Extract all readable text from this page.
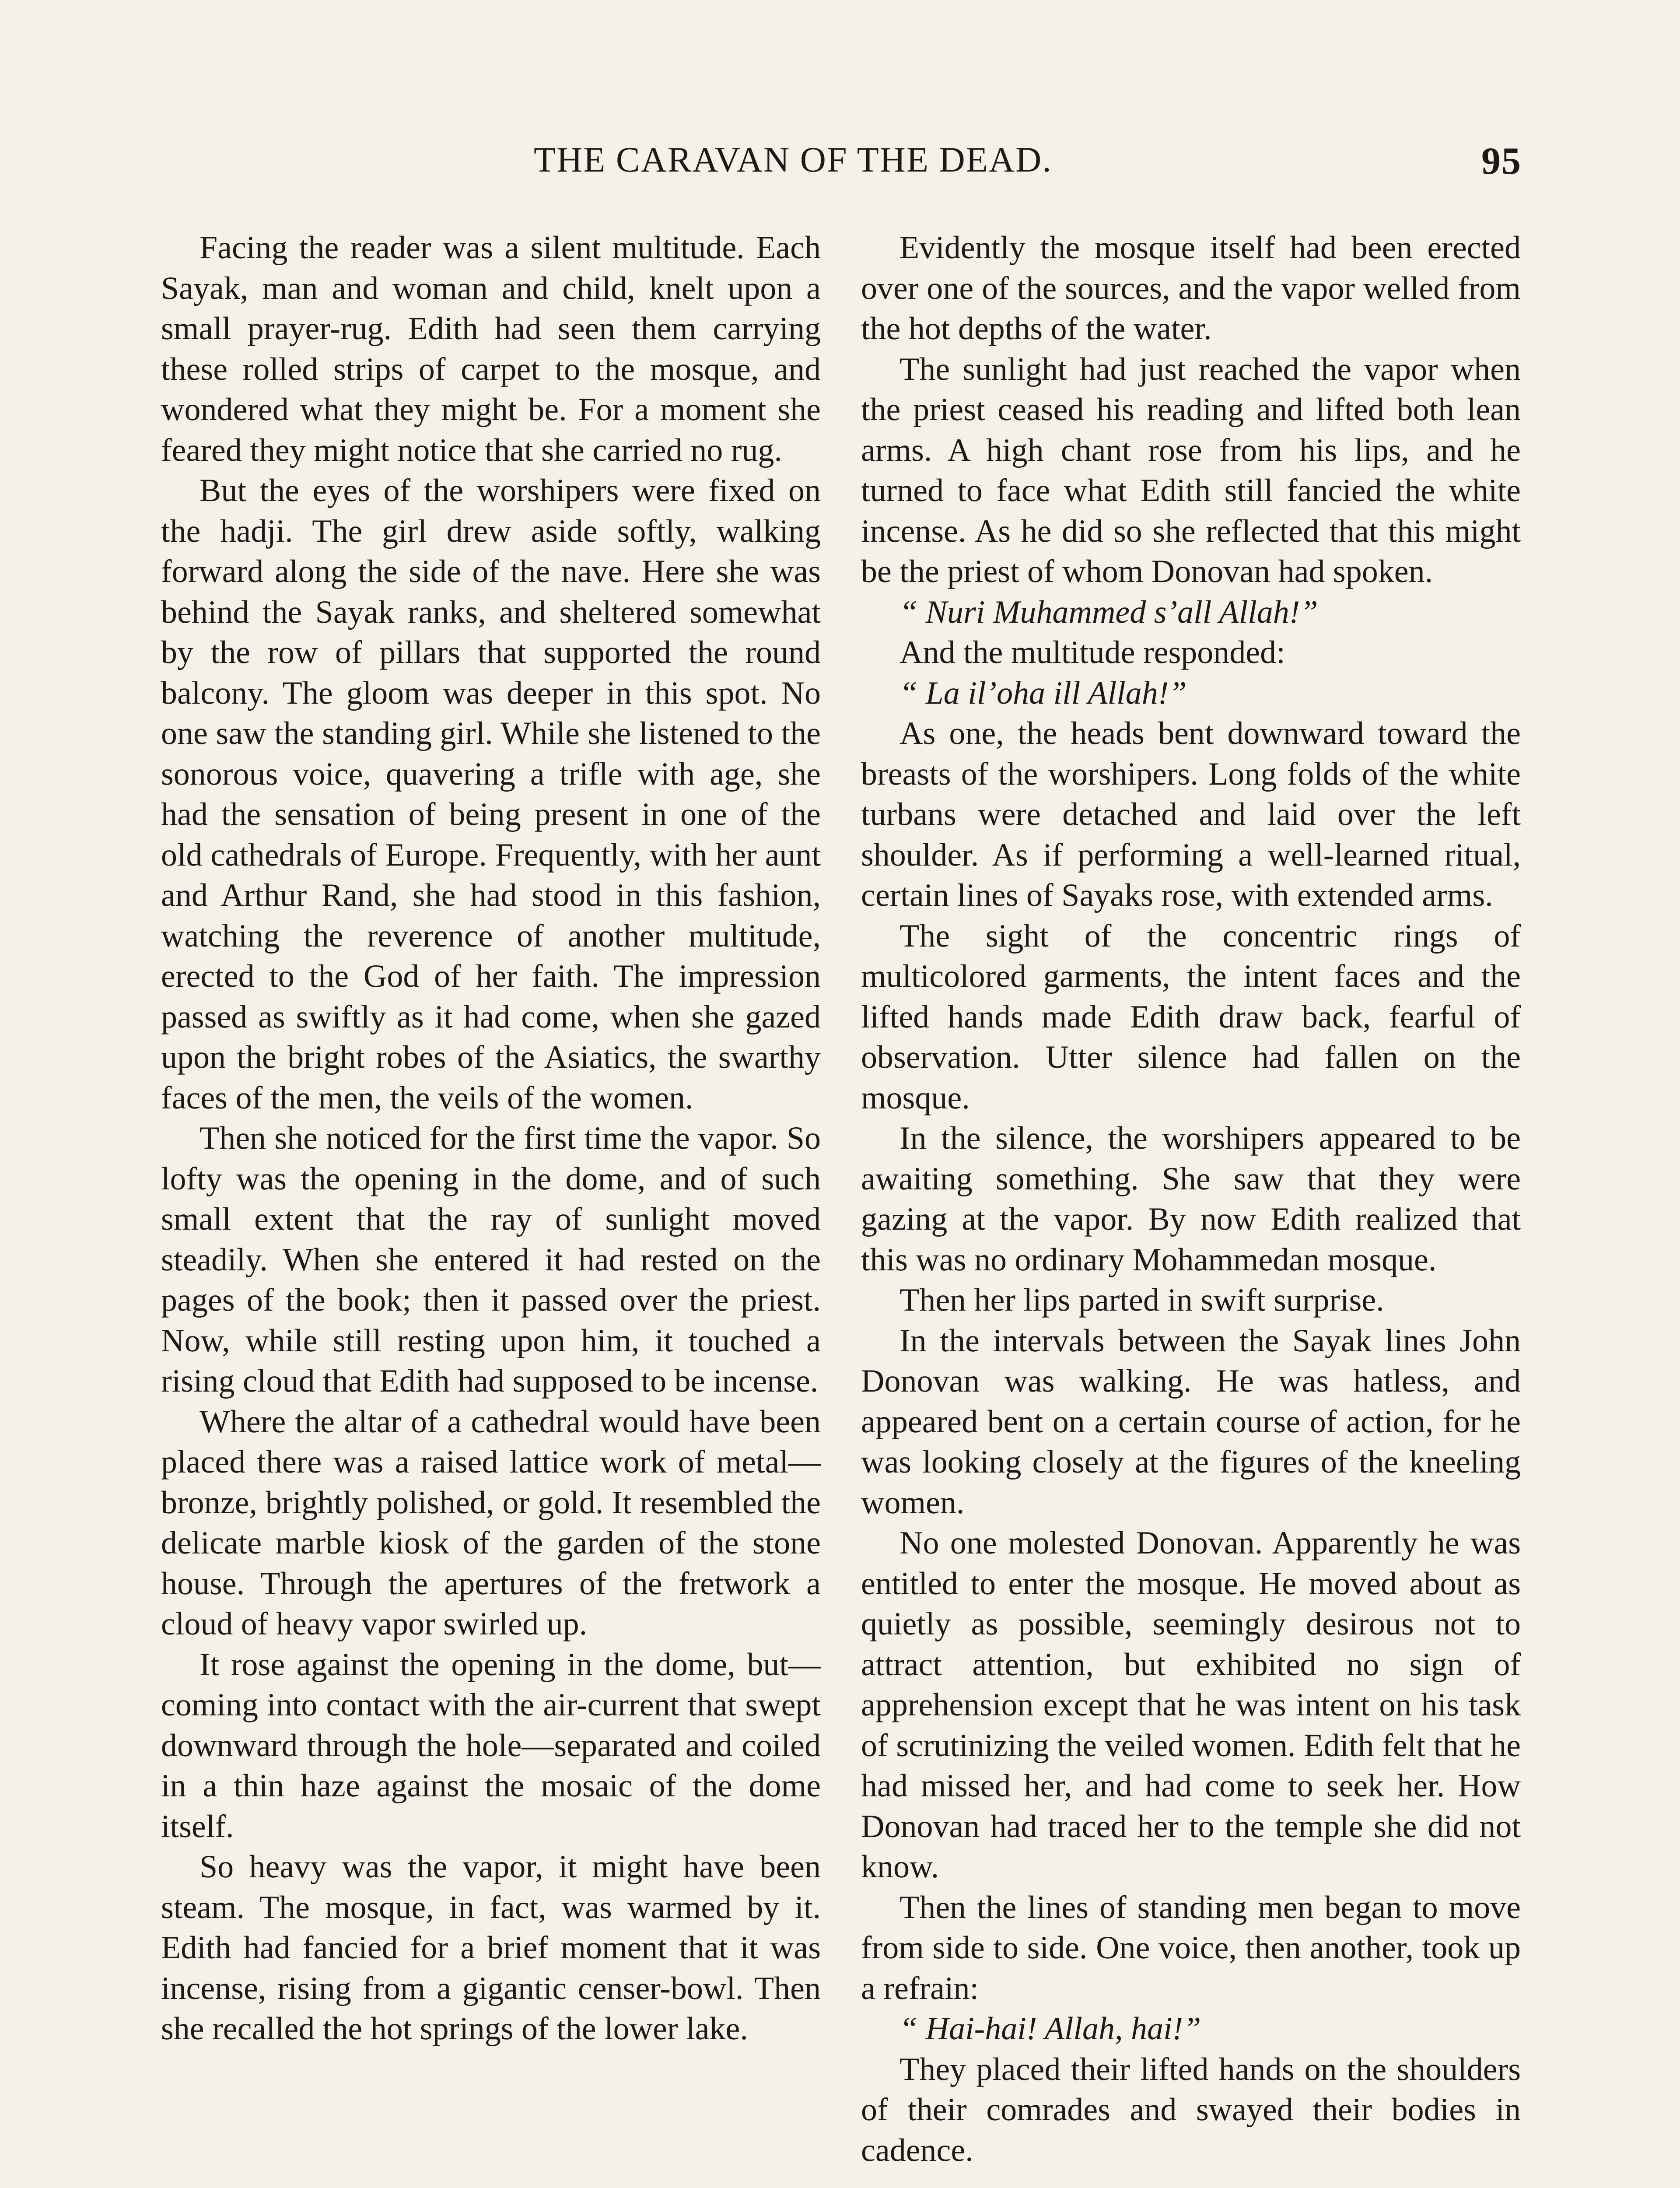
THE CARAVAN OF THE DEAD.	95

Facing the reader was a silent multitude. Each Sayak, man and woman and child, knelt upon a small prayer-rug. Edith had seen them carrying these rolled strips of carpet to the mosque, and wondered what they might be. For a moment she feared they might notice that she carried no rug.

But the eyes of the worshipers were fixed on the hadji. The girl drew aside softly, walking forward along the side of the nave. Here she was behind the Sayak ranks, and sheltered somewhat by the row of pillars that supported the round balcony. The gloom was deeper in this spot. No one saw the standing girl. While she listened to the sonorous voice, quavering a trifle with age, she had the sensation of being present in one of the old cathedrals of Europe. Frequently, with her aunt and Arthur Rand, she had stood in this fashion, watching the reverence of another multitude, erected to the God of her faith. The impression passed as swiftly as it had come, when she gazed upon the bright robes of the Asiatics, the swarthy faces of the men, the veils of the women.

Then she noticed for the first time the vapor. So lofty was the opening in the dome, and of such small extent that the ray of sunlight moved steadily. When she entered it had rested on the pages of the book; then it passed over the priest. Now, while still resting upon him, it touched a rising cloud that Edith had supposed to be incense.

Where the altar of a cathedral would have been placed there was a raised lattice work of metal—bronze, brightly polished, or gold. It resembled the delicate marble kiosk of the garden of the stone house. Through the apertures of the fretwork a cloud of heavy vapor swirled up.

It rose against the opening in the dome, but—coming into contact with the air-current that swept downward through the hole—separated and coiled in a thin haze against the mosaic of the dome itself.

So heavy was the vapor, it might have been steam. The mosque, in fact, was warmed by it. Edith had fancied for a brief moment that it was incense, rising from a gigantic censer-bowl. Then she recalled the hot springs of the lower lake.

Evidently the mosque itself had been erected over one of the sources, and the vapor welled from the hot depths of the water.

The sunlight had just reached the vapor when the priest ceased his reading and lifted both lean arms. A high chant rose from his lips, and he turned to face what Edith still fancied the white incense. As he did so she reflected that this might be the priest of whom Donovan had spoken.

“ Nuri Muhammed s’all Allah!”

And the multitude responded:

“ La il’oha ill Allah!”

As one, the heads bent downward toward the breasts of the worshipers. Long folds of the white turbans were detached and laid over the left shoulder. As if performing a well-learned ritual, certain lines of Sayaks rose, with extended arms.

The sight of the concentric rings of multicolored garments, the intent faces and the lifted hands made Edith draw back, fearful of observation. Utter silence had fallen on the mosque.

In the silence, the worshipers appeared to be awaiting something. She saw that they were gazing at the vapor. By now Edith realized that this was no ordinary Mohammedan mosque.

Then her lips parted in swift surprise.

In the intervals between the Sayak lines John Donovan was walking. He was hatless, and appeared bent on a certain course of action, for he was looking closely at the figures of the kneeling women.

No one molested Donovan. Apparently he was entitled to enter the mosque. He moved about as quietly as possible, seemingly desirous not to attract attention, but exhibited no sign of apprehension except that he was intent on his task of scrutinizing the veiled women. Edith felt that he had missed her, and had come to seek her. How Donovan had traced her to the temple she did not know.

Then the lines of standing men began to move from side to side. One voice, then another, took up a refrain:

“ Hai-hai! Allah, hai!”

They placed their lifted hands on the shoulders of their comrades and swayed their bodies in cadence.
